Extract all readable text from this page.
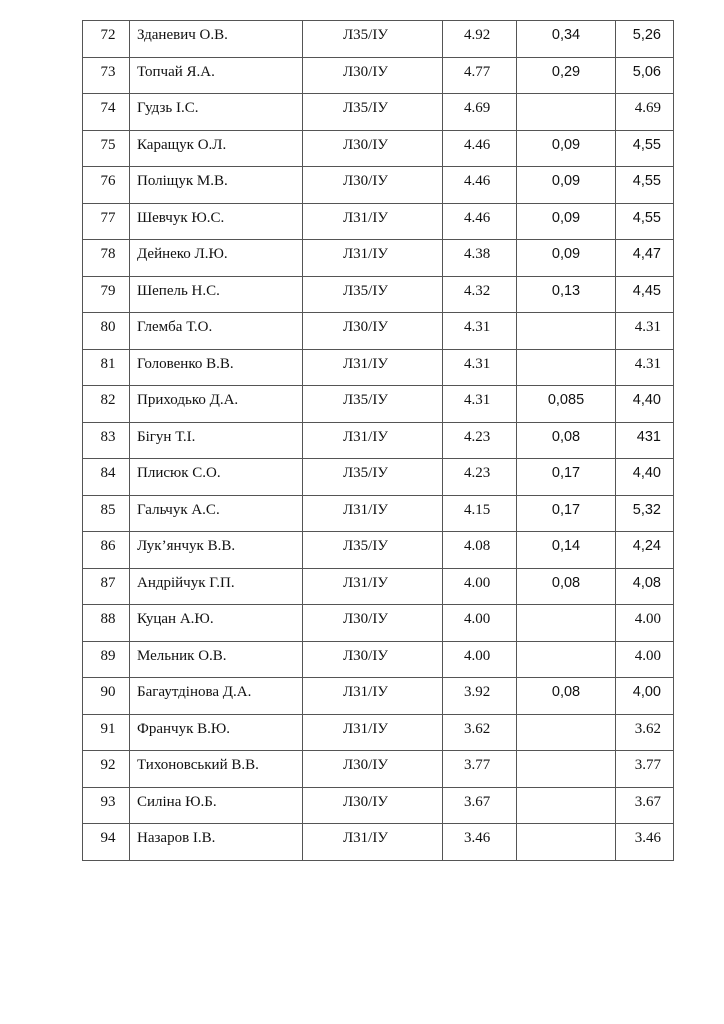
72	Зданевич О.В.	Л35/ІУ	4.92	0,34	5,26

73	Топчай Я.А.	Л30/ІУ	4.77	0,29	5,06

74	Гудзь І.С.	Л35/ІУ	4.69		4.69

75	Каращук О.Л.	Л30/ІУ	4.46	0,09	4,55

76	Поліщук М.В.	Л30/ІУ	4.46	0,09	4,55

77	Шевчук Ю.С.	Л31/ІУ	4.46	0,09	4,55

78	Дейнеко Л.Ю.	Л31/ІУ	4.38	0,09	4,47

79	Шепель Н.С.	Л35/ІУ	4.32	0,13	4,45

80	Глемба Т.О.	Л30/ІУ	4.31		4.31

81	Головенко В.В.	Л31/ІУ	4.31		4.31

82	Приходько Д.А.	Л35/ІУ	4.31	0,085	4,40

83	Бігун Т.І.	Л31/ІУ	4.23	0,08	431

84	Плисюк С.О.	Л35/ІУ	4.23	0,17	4,40

85	Гальчук А.С.	Л31/ІУ	4.15	0,17	5,32

86	Лук’янчук В.В.	Л35/ІУ	4.08	0,14	4,24

87	Андрійчук Г.П.	Л31/ІУ	4.00	0,08	4,08

88	Куцан А.Ю.	Л30/ІУ	4.00		4.00

89	Мельник О.В.	Л30/ІУ	4.00		4.00

90	Багаутдінова Д.А.	Л31/ІУ	3.92	0,08	4,00

91	Франчук В.Ю.	Л31/ІУ	3.62		3.62

92	Тихоновський В.В.	Л30/ІУ	3.77		3.77

93	Силіна Ю.Б.	Л30/ІУ	3.67		3.67

94	Назаров І.В.	Л31/ІУ	3.46		3.46
